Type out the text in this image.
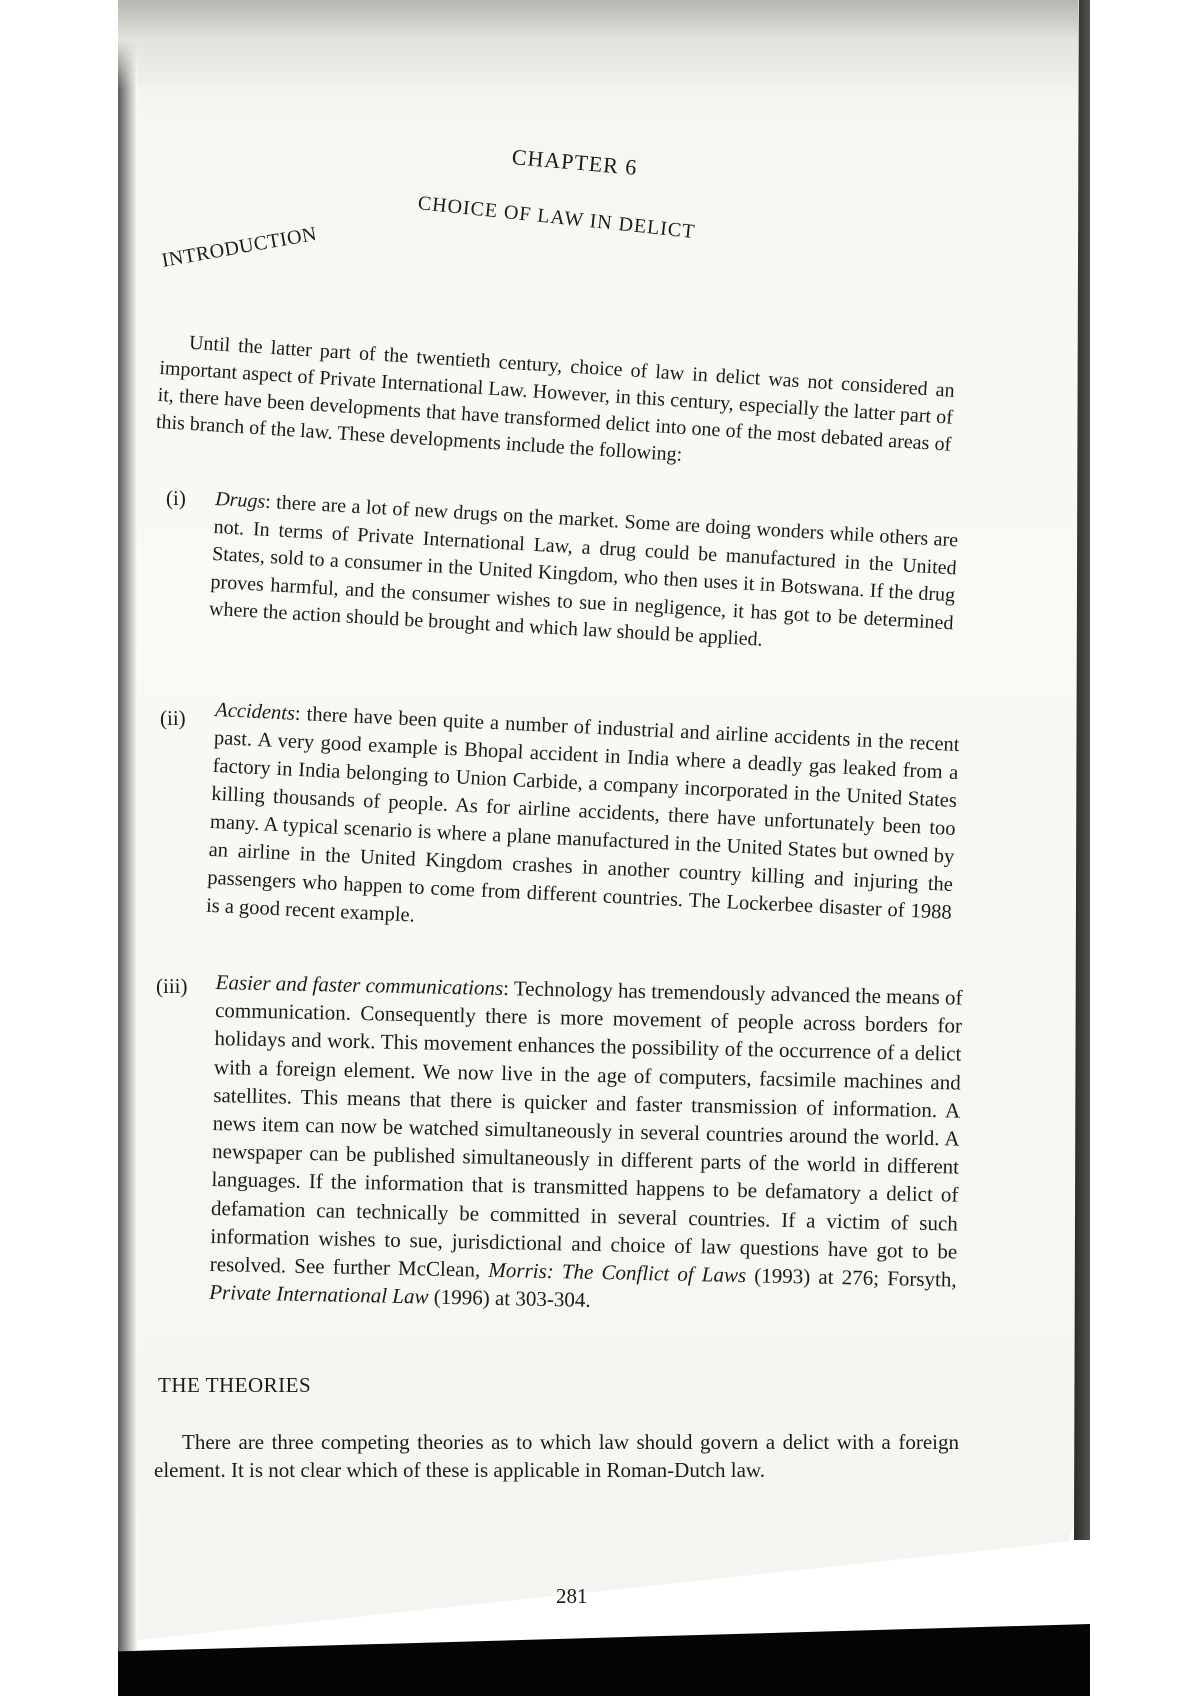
CHAPTER 6
CHOICE OF LAW IN DELICT
INTRODUCTION
Until the latter part of the twentieth century, choice of law in delict was not considered an important aspect of Private International Law. However, in this century, especially the latter part of it, there have been developments that have transformed delict into one of the most debated areas of this branch of the law. These developments include the following:
(i)	Drugs: there are a lot of new drugs on the market. Some are doing wonders while others are not. In terms of Private International Law, a drug could be manufactured in the United States, sold to a consumer in the United Kingdom, who then uses it in Botswana. If the drug proves harmful, and the consumer wishes to sue in negligence, it has got to be determined where the action should be brought and which law should be applied.
(ii)	Accidents: there have been quite a number of industrial and airline accidents in the recent past. A very good example is Bhopal accident in India where a deadly gas leaked from a factory in India belonging to Union Carbide, a company incorporated in the United States killing thousands of people. As for airline accidents, there have unfortunately been too many. A typical scenario is where a plane manufactured in the United States but owned by an airline in the United Kingdom crashes in another country killing and injuring the passengers who happen to come from different countries. The Lockerbee disaster of 1988 is a good recent example.
(iii)	Easier and faster communications: Technology has tremendously advanced the means of communication. Consequently there is more movement of people across borders for holidays and work. This movement enhances the possibility of the occurrence of a delict with a foreign element. We now live in the age of computers, facsimile machines and satellites. This means that there is quicker and faster transmission of information. A news item can now be watched simultaneously in several countries around the world. A newspaper can be published simultaneously in different parts of the world in different languages. If the information that is transmitted happens to be defamatory a delict of defamation can technically be committed in several countries. If a victim of such information wishes to sue, jurisdictional and choice of law questions have got to be resolved. See further McClean, Morris: The Conflict of Laws (1993) at 276; Forsyth, Private International Law (1996) at 303-304.
THE THEORIES
There are three competing theories as to which law should govern a delict with a foreign element. It is not clear which of these is applicable in Roman-Dutch law.
281
